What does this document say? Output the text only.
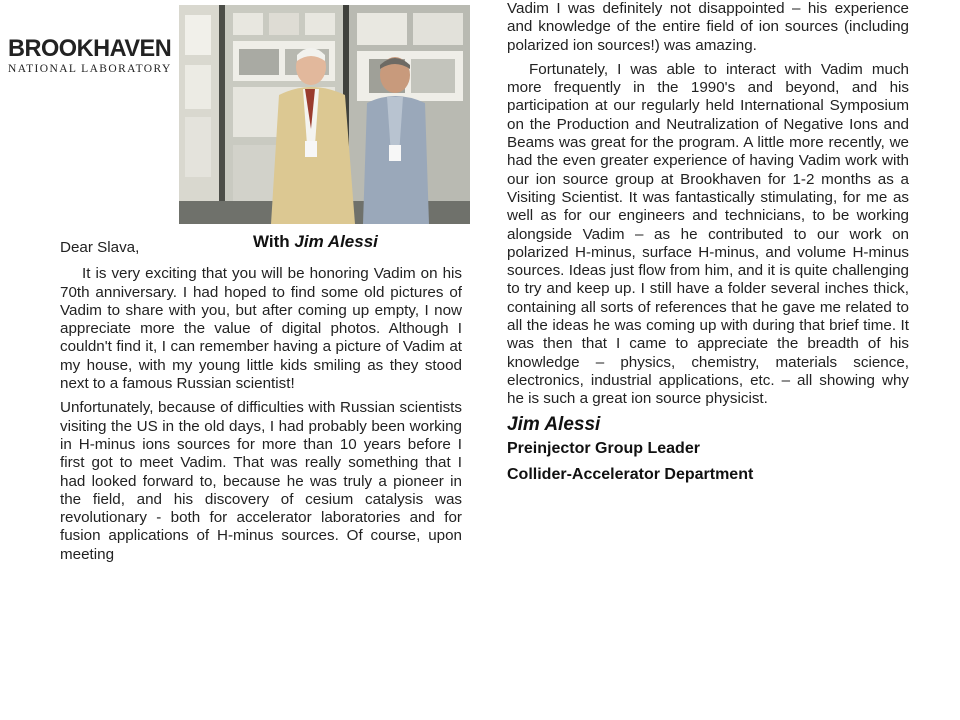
BROOKHAVEN
NATIONAL LABORATORY
With Jim Alessi

Dear Slava,

It is very exciting that you will be honoring Vadim on his 70th anniversary. I had hoped to find some old pictures of Vadim to share with you, but after coming up empty, I now appreciate more the value of digital photos. Although I couldn't find it, I can remember having a picture of Vadim at my house, with my young little kids smiling as they stood next to a famous Russian scientist!

Unfortunately, because of difficulties with Russian scientists visiting the US in the old days, I had probably been working in H-minus ions sources for more than 10 years before I first got to meet Vadim. That was really something that I had looked forward to, because he was truly a pioneer in the field, and his discovery of cesium catalysis was revolutionary - both for accelerator laboratories and for fusion applications of H-minus sources. Of course, upon meeting

Vadim I was definitely not disappointed – his experience and knowledge of the entire field of ion sources (including polarized ion sources!) was amazing.

Fortunately, I was able to interact with Vadim much more frequently in the 1990's and beyond, and his participation at our regularly held International Symposium on the Production and Neutralization of Negative Ions and Beams was great for the program. A little more recently, we had the even greater experience of having Vadim work with our ion source group at Brookhaven for 1-2 months as a Visiting Scientist. It was fantastically stimulating, for me as well as for our engineers and technicians, to be working alongside Vadim – as he contributed to our work on polarized H-minus, surface H-minus, and volume H-minus sources. Ideas just flow from him, and it is quite challenging to try and keep up. I still have a folder several inches thick, containing all sorts of references that he gave me related to all the ideas he was coming up with during that brief time. It was then that I came to appreciate the breadth of his knowledge – physics, chemistry, materials science, electronics, industrial applications, etc. – all showing why he is such a great ion source physicist.

Jim Alessi

Preinjector Group Leader

Collider-Accelerator Department
